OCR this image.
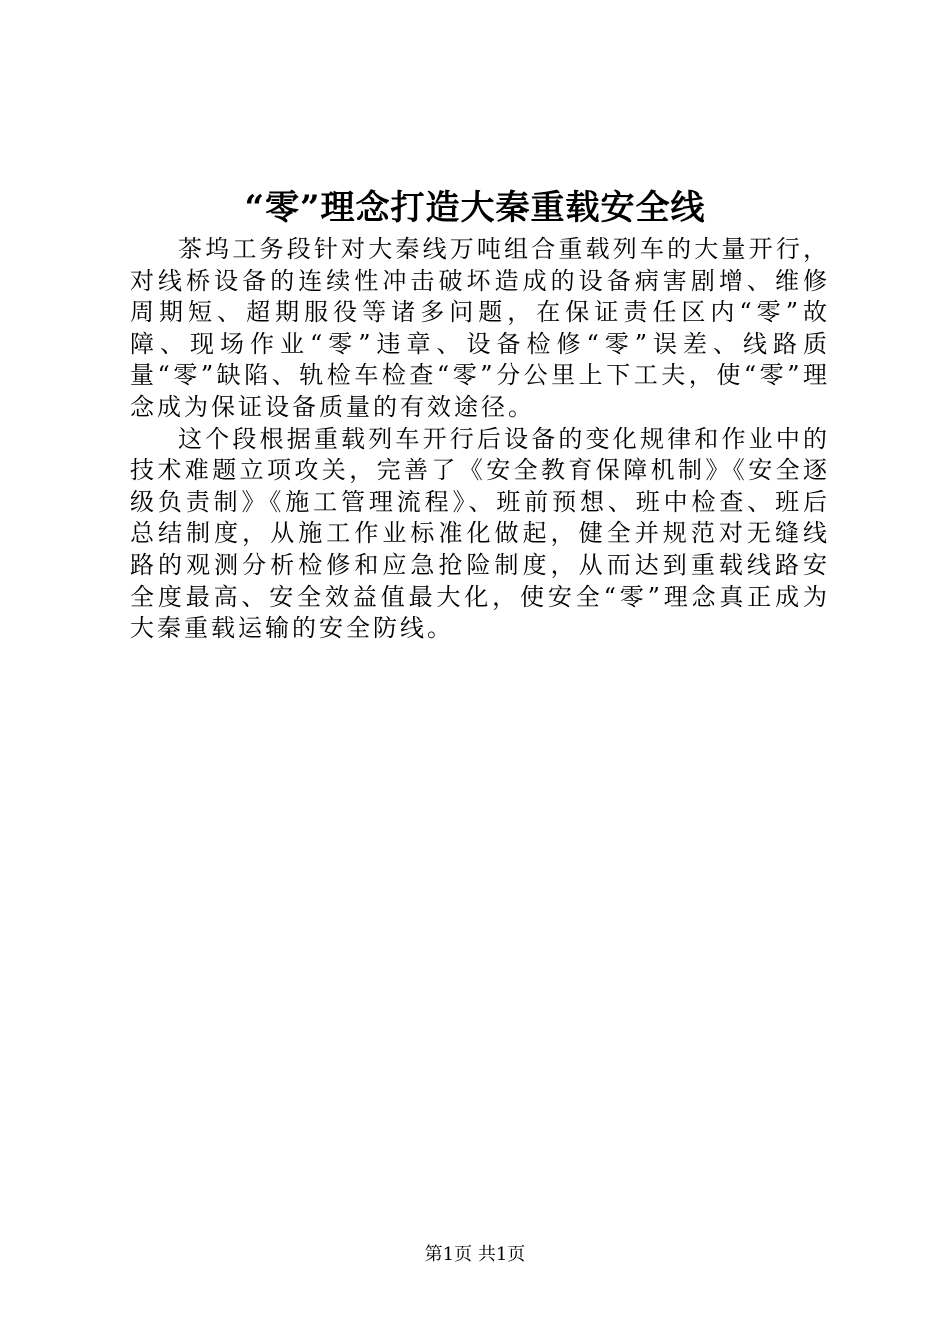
“零”理念打造大秦重载安全线

茶坞工务段针对大秦线万吨组合重载列车的大量开行，对线桥设备的连续性冲击破坏造成的设备病害剧增、维修周期短、超期服役等诸多问题，在保证责任区内“零”故障、现场作业“零”违章、设备检修“零”误差、线路质量“零”缺陷、轨检车检查“零”分公里上下工夫，使“零”理念成为保证设备质量的有效途径。

这个段根据重载列车开行后设备的变化规律和作业中的技术难题立项攻关，完善了《安全教育保障机制》《安全逐级负责制》《施工管理流程》、班前预想、班中检查、班后总结制度，从施工作业标准化做起，健全并规范对无缝线路的观测分析检修和应急抢险制度，从而达到重载线路安全度最高、安全效益值最大化，使安全“零”理念真正成为大秦重载运输的安全防线。

第1页 共1页
